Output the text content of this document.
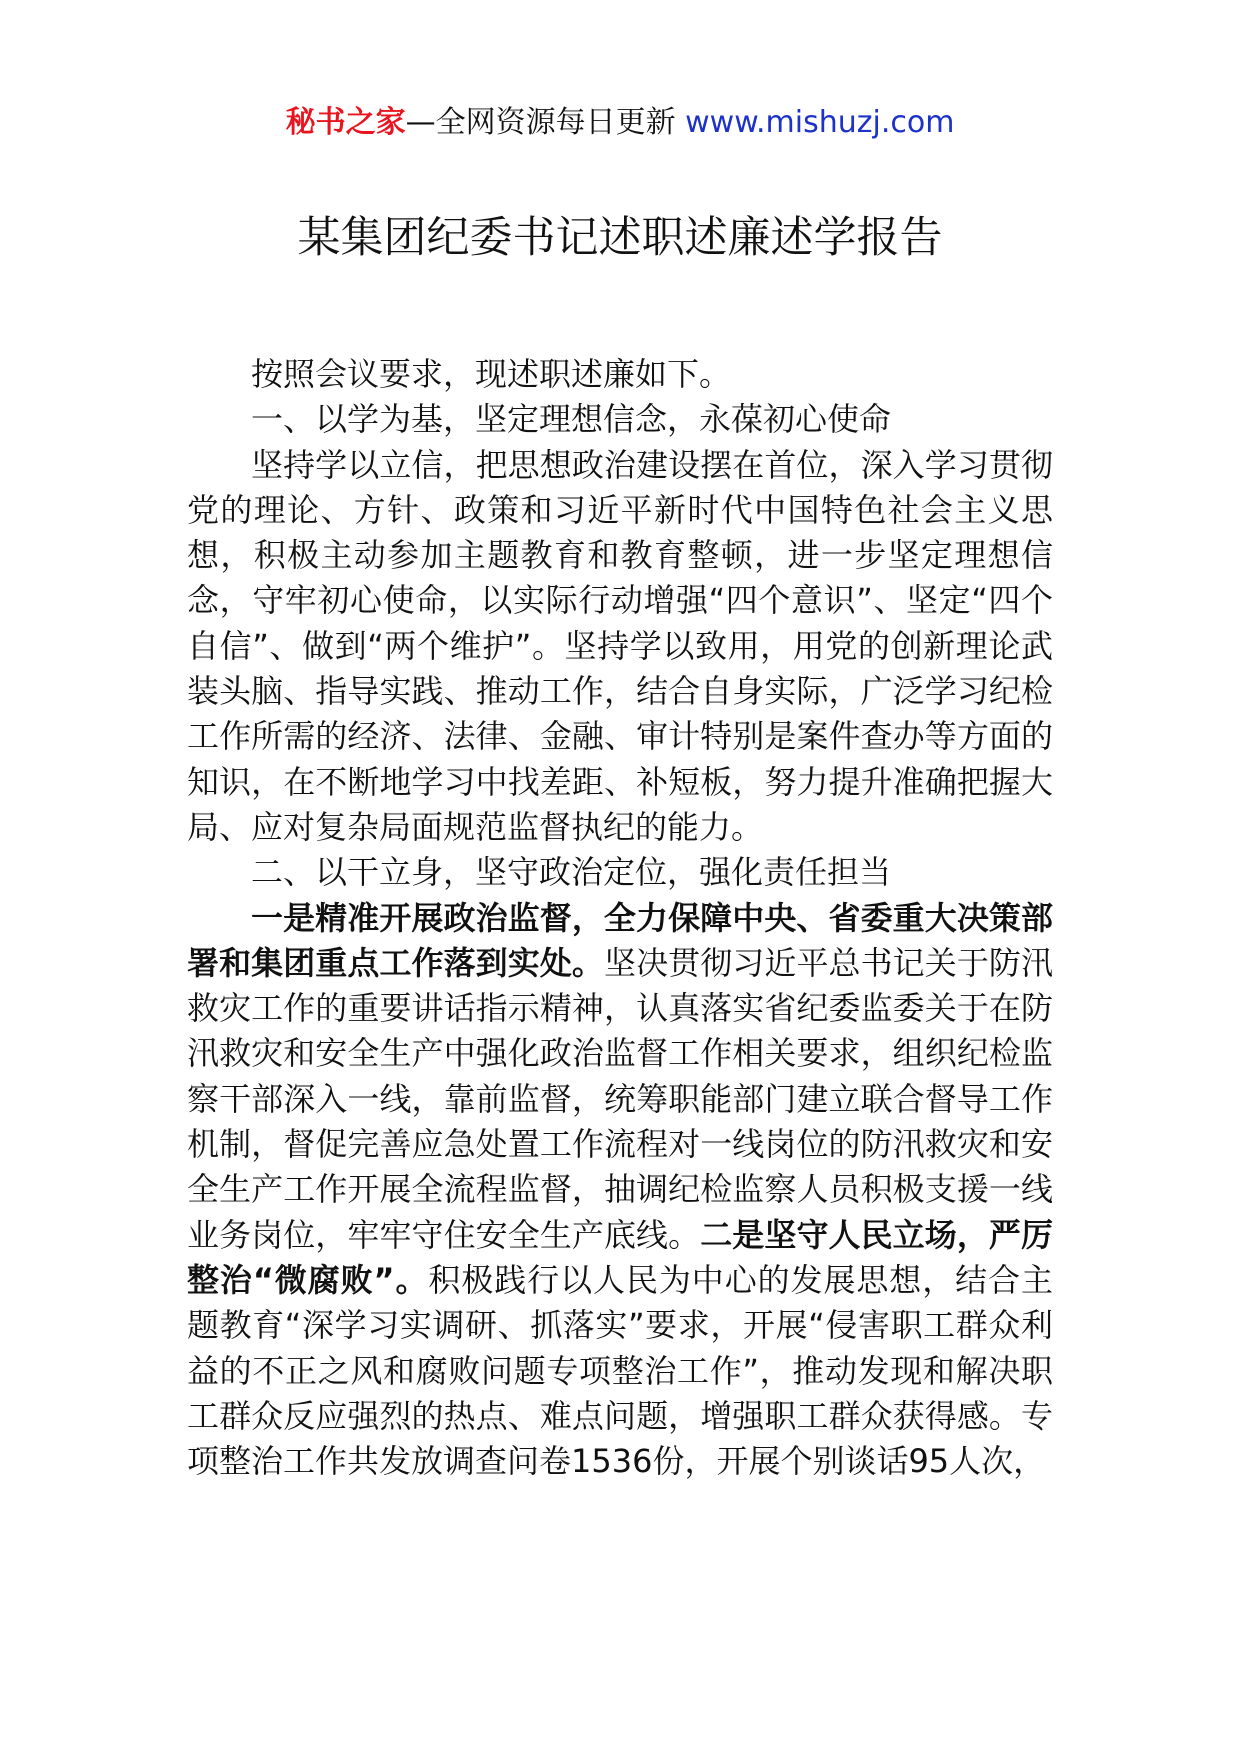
秘书之家—全网资源每日更新 www.mishuzj.com
某集团纪委书记述职述廉述学报告

按照会议要求，现述职述廉如下。

一、以学为基，坚定理想信念，永葆初心使命

坚持学以立信，把思想政治建设摆在首位，深入学习贯彻党的理论、方针、政策和习近平新时代中国特色社会主义思想，积极主动参加主题教育和教育整顿，进一步坚定理想信念，守牢初心使命，以实际行动增强“四个意识”、坚定“四个自信”、做到“两个维护”。坚持学以致用，用党的创新理论武装头脑、指导实践、推动工作，结合自身实际，广泛学习纪检工作所需的经济、法律、金融、审计特别是案件查办等方面的知识，在不断地学习中找差距、补短板，努力提升准确把握大局、应对复杂局面规范监督执纪的能力。

二、以干立身，坚守政治定位，强化责任担当

一是精准开展政治监督，全力保障中央、省委重大决策部署和集团重点工作落到实处。坚决贯彻习近平总书记关于防汛救灾工作的重要讲话指示精神，认真落实省纪委监委关于在防汛救灾和安全生产中强化政治监督工作相关要求，组织纪检监察干部深入一线，靠前监督，统筹职能部门建立联合督导工作机制，督促完善应急处置工作流程对一线岗位的防汛救灾和安全生产工作开展全流程监督，抽调纪检监察人员积极支援一线业务岗位，牢牢守住安全生产底线。二是坚守人民立场，严厉整治“微腐败”。积极践行以人民为中心的发展思想，结合主题教育“深学习实调研、抓落实”要求，开展“侵害职工群众利益的不正之风和腐败问题专项整治工作”，推动发现和解决职工群众反应强烈的热点、难点问题，增强职工群众获得感。专项整治工作共发放调查问卷1536份，开展个别谈话95人次，
